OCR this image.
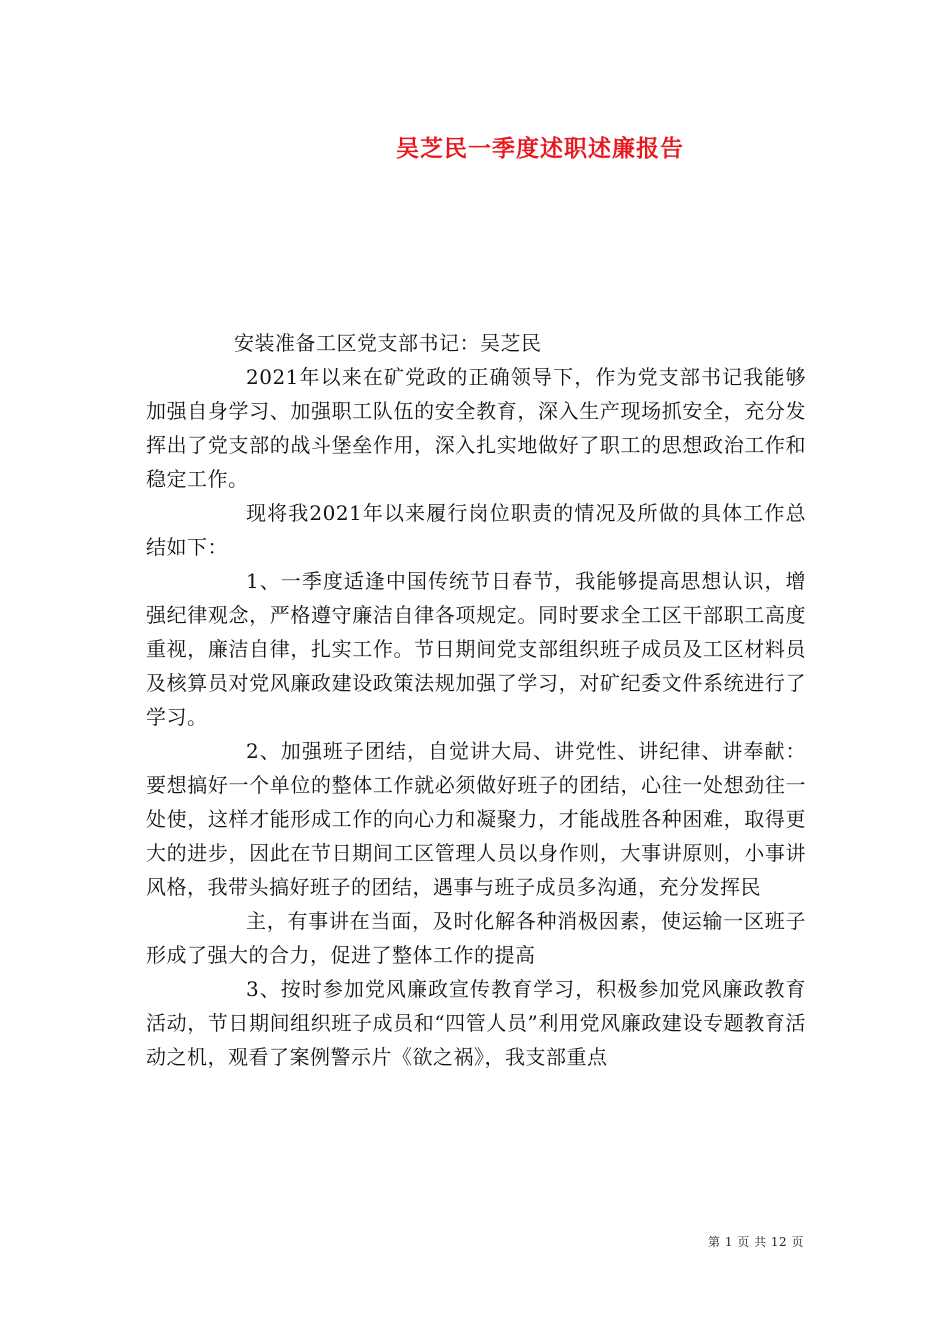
吴芝民一季度述职述廉报告

安装准备工区党支部书记：吴芝民

2021年以来在矿党政的正确领导下，作为党支部书记我能够加强自身学习、加强职工队伍的安全教育，深入生产现场抓安全，充分发挥出了党支部的战斗堡垒作用，深入扎实地做好了职工的思想政治工作和稳定工作。

现将我2021年以来履行岗位职责的情况及所做的具体工作总结如下：

1、一季度适逢中国传统节日春节，我能够提高思想认识，增强纪律观念，严格遵守廉洁自律各项规定。同时要求全工区干部职工高度重视，廉洁自律，扎实工作。节日期间党支部组织班子成员及工区材料员及核算员对党风廉政建设政策法规加强了学习，对矿纪委文件系统进行了学习。

2、加强班子团结，自觉讲大局、讲党性、讲纪律、讲奉献：要想搞好一个单位的整体工作就必须做好班子的团结，心往一处想劲往一处使，这样才能形成工作的向心力和凝聚力，才能战胜各种困难，取得更大的进步，因此在节日期间工区管理人员以身作则，大事讲原则，小事讲风格，我带头搞好班子的团结，遇事与班子成员多沟通，充分发挥民

主，有事讲在当面，及时化解各种消极因素，使运输一区班子形成了强大的合力，促进了整体工作的提高

3、按时参加党风廉政宣传教育学习，积极参加党风廉政教育活动，节日期间组织班子成员和“四管人员”利用党风廉政建设专题教育活动之机，观看了案例警示片《欲之祸》，我支部重点

第 1 页 共 12 页
